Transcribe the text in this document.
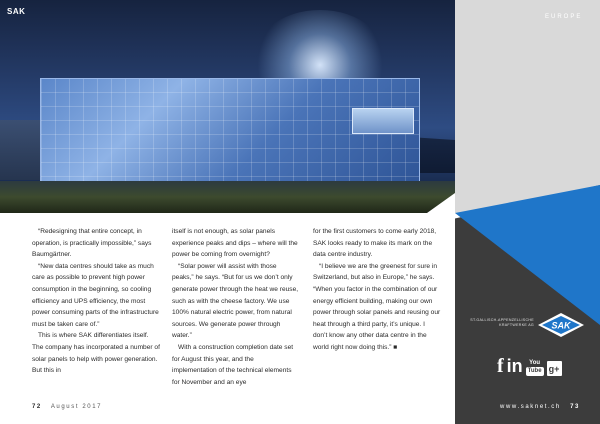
SAK
EUROPE

“Redesigning that entire concept, in operation, is practically impossible,” says Baumgärtner.

“New data centres should take as much care as possible to prevent high power consumption in the beginning, so cooling efficiency and UPS efficiency, the most power consuming parts of the infrastructure must be taken care of.”

This is where SAK differentiates itself. The company has incorporated a number of solar panels to help with power generation. But this in

itself is not enough, as solar panels experience peaks and dips – where will the power be coming from overnight?

“Solar power will assist with those peaks,” he says. “But for us we don’t only generate power through the heat we reuse, such as with the cheese factory. We use 100% natural electric power, from natural sources. We generate power through water.”

With a construction completion date set for August this year, and the implementation of the technical elements for November and an eye

for the first customers to come early 2018, SAK looks ready to make its mark on the data centre industry.

“I believe we are the greenest for sure in Switzerland, but also in Europe,” he says. “When you factor in the combination of our energy efficient building, making our own power through solar panels and reusing our heat through a third party, it’s unique. I don’t know any other data centre in the world right now doing this.” ■

72 August 2017	www.saknet.ch 73
ST.GALLISCH-APPENZELLISCHE
KRAFTWERKE AG SAK
f in You
Tube g+
